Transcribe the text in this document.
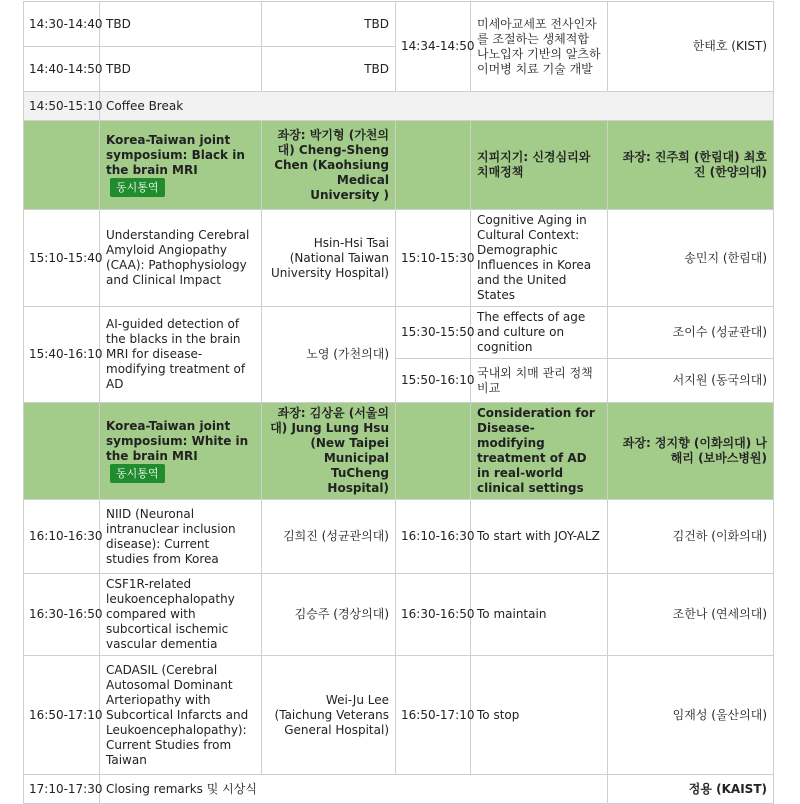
14:30-14:40	TBD	TBD	14:34-14:50	미세아교세포 전사인자를 조절하는 생체적합 나노입자 기반의 알츠하이머병 치료 기술 개발	한태호 (KIST)
14:40-14:50	TBD	TBD			
14:50-15:10	Coffee Break				
	Korea-Taiwan joint symposium: Black in the brain MRI동시통역	좌장: 박기형 (가천의대) Cheng-Sheng Chen (Kaohsiung Medical University )		지피지기: 신경심리와 치매정책	좌장: 진주희 (한림대) 최호진 (한양의대)
15:10-15:40	Understanding Cerebral Amyloid Angiopathy (CAA): Pathophysiology and Clinical Impact	Hsin-Hsi Tsai (National Taiwan University Hospital)	15:10-15:30	Cognitive Aging in Cultural Context: Demographic Influences in Korea and the United States	송민지 (한림대)
15:40-16:10	AI-guided detection of the blacks in the brain MRI for disease-modifying treatment of AD	노영 (가천의대)	15:30-15:50	The effects of age and culture on cognition	조이수 (성균관대)
			15:50-16:10	국내외 치매 관리 정책 비교	서지원 (동국의대)
	Korea-Taiwan joint symposium: White in the brain MRI동시통역	좌장: 김상윤 (서울의대) Jung Lung Hsu (New Taipei Municipal TuCheng Hospital)		Consideration for Disease-modifying treatment of AD in real-world clinical settings	좌장: 정지향 (이화의대) 나해리 (보바스병원)
16:10-16:30	NIID (Neuronal intranuclear inclusion disease): Current studies from Korea	김희진 (성균관의대)	16:10-16:30	To start with JOY-ALZ	김건하 (이화의대)
16:30-16:50	CSF1R-related leukoencephalopathy compared with subcortical ischemic vascular dementia	김승주 (경상의대)	16:30-16:50	To maintain	조한나 (연세의대)
16:50-17:10	CADASIL (Cerebral Autosomal Dominant Arteriopathy with Subcortical Infarcts and Leukoencephalopathy): Current Studies from Taiwan	Wei-Ju Lee (Taichung Veterans General Hospital)	16:50-17:10	To stop	임재성 (울산의대)
17:10-17:30	Closing remarks 및 시상식				정용 (KAIST)
